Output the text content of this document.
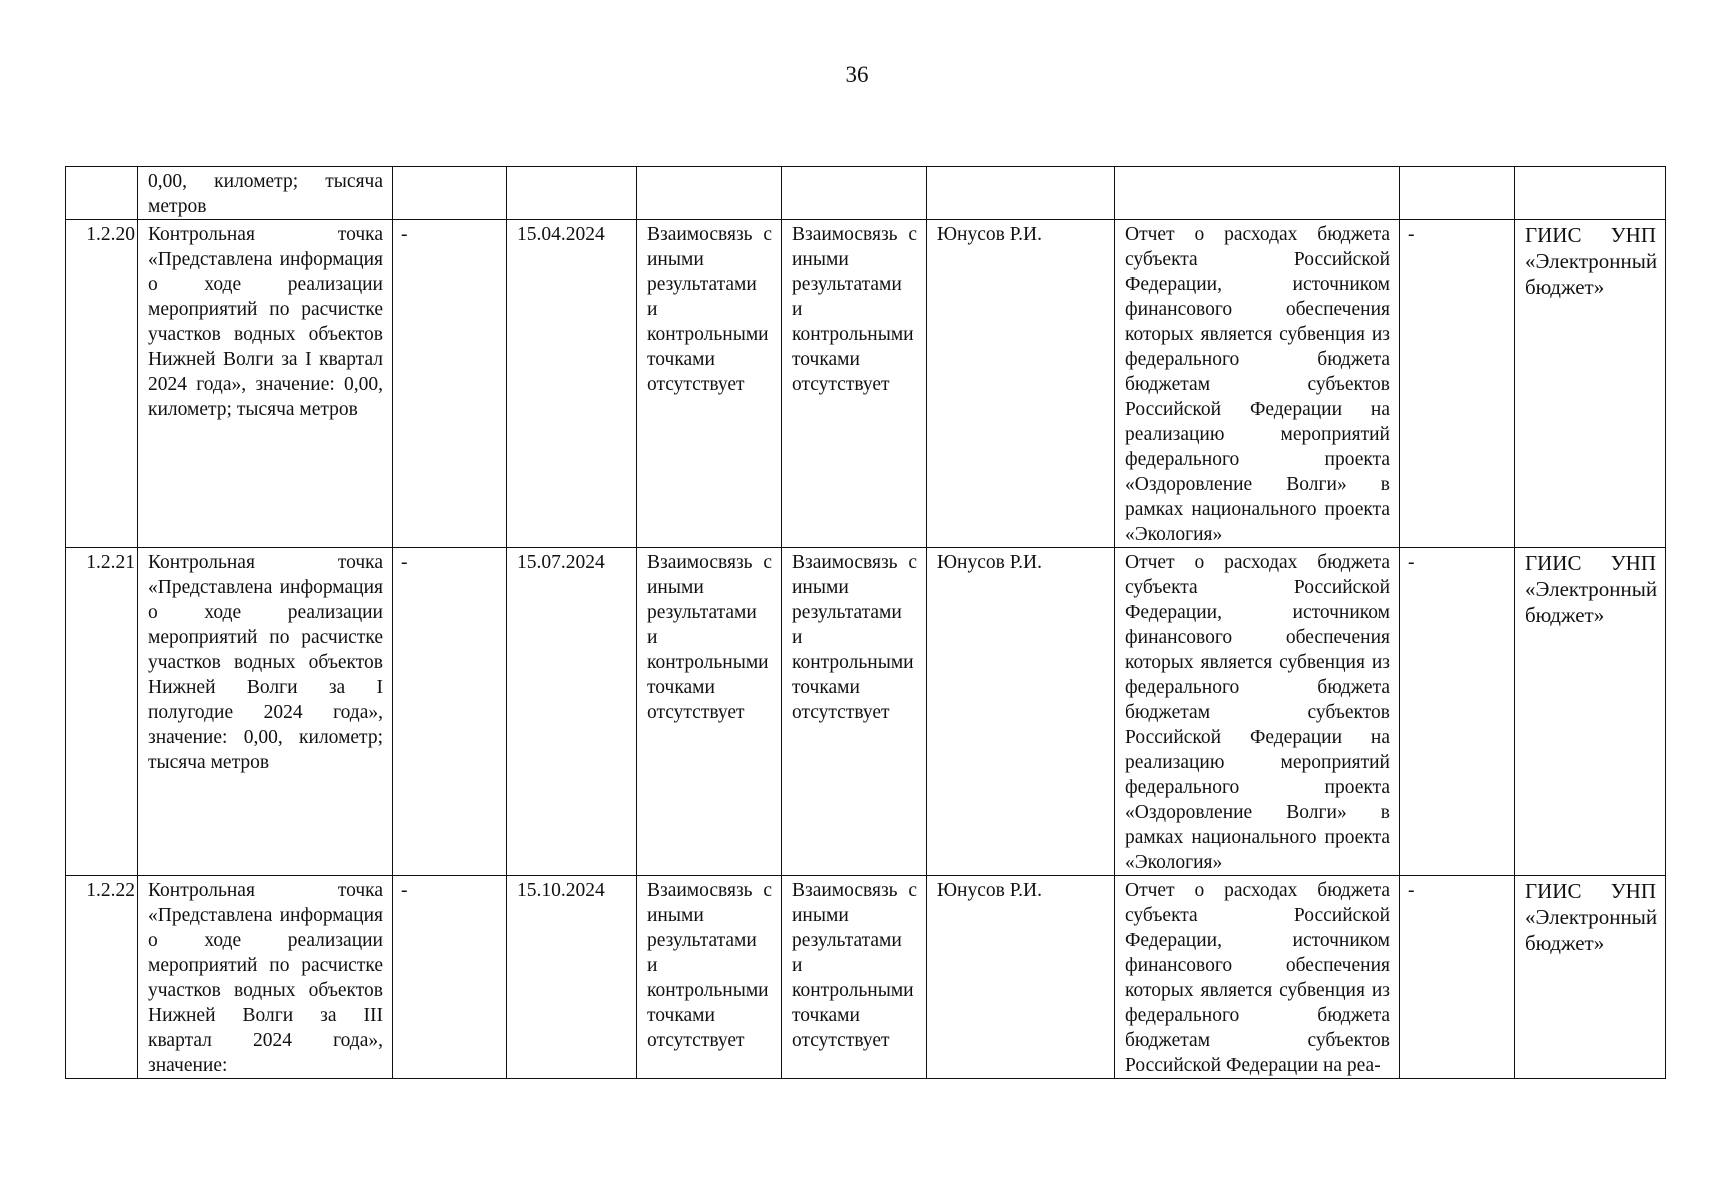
36
	0,00, километр; тысяча метров								
1.2.20	Контрольная точка «Представлена информация о ходе реализации мероприятий по расчистке участков водных объектов Нижней Волги за I квартал 2024 года», значение: 0,00, километр; тысяча метров	-	15.04.2024	Взаимосвязь с иными результатами и контрольными точками отсутствует	Взаимосвязь с иными результатами и контрольными точками отсутствует	Юнусов Р.И.	Отчет о расходах бюджета субъекта Российской Федерации, источником финансового обеспечения которых является субвенция из федерального бюджета бюджетам субъектов Российской Федерации на реализацию мероприятий федерального проекта «Оздоровление Волги» в рамках национального проекта «Экология»	-	ГИИС УНП «Электронный бюджет»
1.2.21	Контрольная точка «Представлена информация о ходе реализации мероприятий по расчистке участков водных объектов Нижней Волги за I полугодие 2024 года», значение: 0,00, километр; тысяча метров	-	15.07.2024	Взаимосвязь с иными результатами и контрольными точками отсутствует	Взаимосвязь с иными результатами и контрольными точками отсутствует	Юнусов Р.И.	Отчет о расходах бюджета субъекта Российской Федерации, источником финансового обеспечения которых является субвенция из федерального бюджета бюджетам субъектов Российской Федерации на реализацию мероприятий федерального проекта «Оздоровление Волги» в рамках национального проекта «Экология»	-	ГИИС УНП «Электронный бюджет»
1.2.22	Контрольная точка «Представлена информация о ходе реализации мероприятий по расчистке участков водных объектов Нижней Волги за III квартал 2024 года», значение:	-	15.10.2024	Взаимосвязь с иными результатами и контрольными точками отсутствует	Взаимосвязь с иными результатами и контрольными точками отсутствует	Юнусов Р.И.	Отчет о расходах бюджета субъекта Российской Федерации, источником финансового обеспечения которых является субвенция из федерального бюджета бюджетам субъектов Российской Федерации на реа-	-	ГИИС УНП «Электронный бюджет»
